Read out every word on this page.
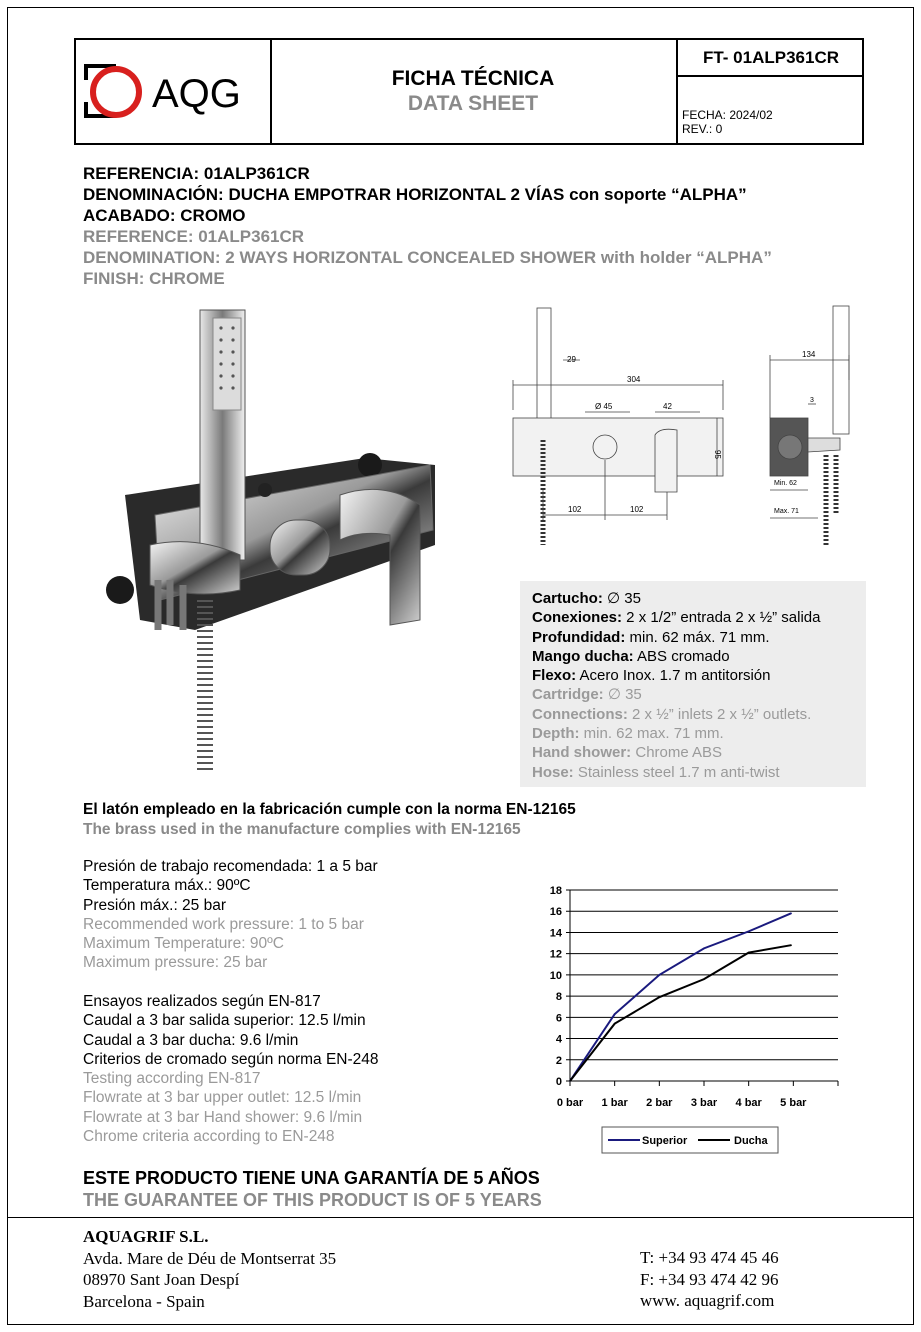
AQG	FICHA TÉCNICA
DATA SHEET
FT- 01ALP361CR
FECHA: 2024/02
REV.: 0
REFERENCIA: 01ALP361CR
DENOMINACIÓN: DUCHA EMPOTRAR HORIZONTAL 2 VÍAS con soporte “ALPHA”
ACABADO: CROMO
REFERENCE: 01ALP361CR
DENOMINATION: 2 WAYS HORIZONTAL CONCEALED SHOWER with holder “ALPHA”
FINISH: CHROME
29
304
Ø 45	42
95
102	102
134
3
Min. 62
Max. 71
Cartucho: ∅ 35
Conexiones: 2 x 1/2” entrada 2 x ½” salida
Profundidad: min. 62 máx. 71 mm.
Mango ducha: ABS cromado
Flexo: Acero Inox. 1.7 m antitorsión
Cartridge: ∅ 35
Connections: 2 x ½” inlets 2 x ½” outlets.
Depth: min. 62 max. 71 mm.
Hand shower: Chrome ABS
Hose: Stainless steel 1.7 m anti-twist
El latón empleado en la fabricación cumple con la norma EN-12165
The brass used in the manufacture complies with EN-12165
Presión de trabajo recomendada: 1 a 5 bar
Temperatura máx.: 90ºC
Presión máx.: 25 bar
Recommended work pressure: 1 to 5 bar
Maximum Temperature: 90ºC
Maximum pressure: 25 bar
Ensayos realizados según EN-817
Caudal a 3 bar salida superior: 12.5 l/min
Caudal a 3 bar ducha: 9.6 l/min
Criterios de cromado según norma EN-248
Testing according EN-817
Flowrate at 3 bar upper outlet: 12.5 l/min
Flowrate at 3 bar Hand shower: 9.6 l/min
Chrome criteria according to EN-248
0
2
4
6
8
10
12
14
16
18
0 bar 1 bar 2 bar 3 bar 4 bar 5 bar
Superior	Ducha
ESTE PRODUCTO TIENE UNA GARANTÍA DE 5 AÑOS
THE GUARANTEE OF THIS PRODUCT IS OF 5 YEARS
AQUAGRIF S.L.
Avda. Mare de Déu de Montserrat 35
08970 Sant Joan Despí
Barcelona - Spain
T: +34 93 474 45 46
F: +34 93 474 42 96
www. aquagrif.com
